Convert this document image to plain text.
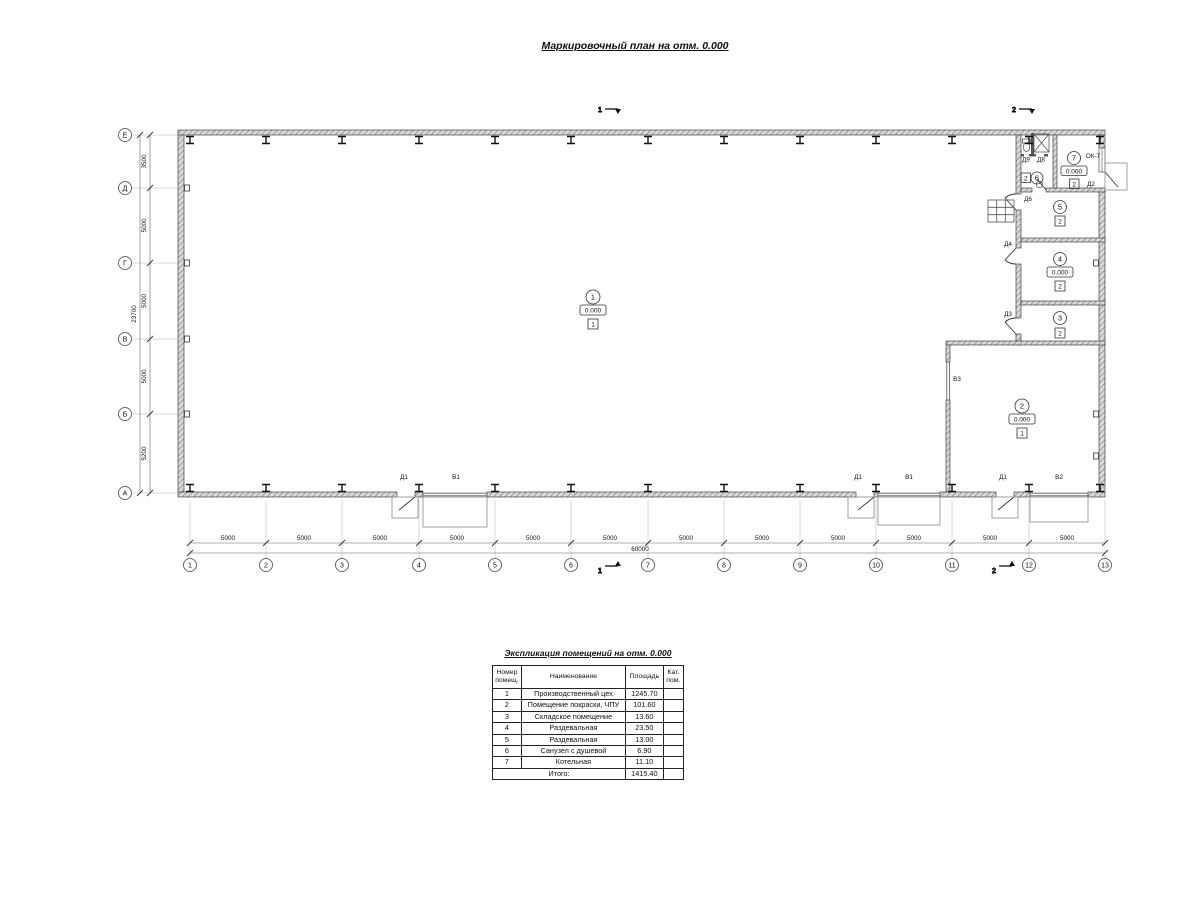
Маркировочный план на отм. 0.000
5000	5000	5000	5000	5000	5000	5000	5000	5000	5000	5000	5000
60000
1	2	3	4	5	6	7	8	9	10	11	12	13
3500
5000
5000
5000
5200
23700
Е
Д
Г
В
Б
А
1	2
1	2
1
0.000
1
2
0.000
1
3
2
4
0.000
2
5
2
6
2
7 ОК-7
0.000
2
Д1	В1	Д1	В1	Д1	В2
В3
Д2
Д3
Д4
Д6
Д8
Д9
Экспликация помещений на отм. 0.000
Номер помещ.	Наименование	Площадь	Кат. пом.
1	Производственный цех	1245.70	
2	Помещение покраски, ЧПУ	101.60	
3	Складское помещение	13.60	
4	Раздевальная	23.50	
5	Раздевальная	13.00	
6	Санузел с душевой	6.90	
7	Котельная	11.10	
Итого:		1415.40	
